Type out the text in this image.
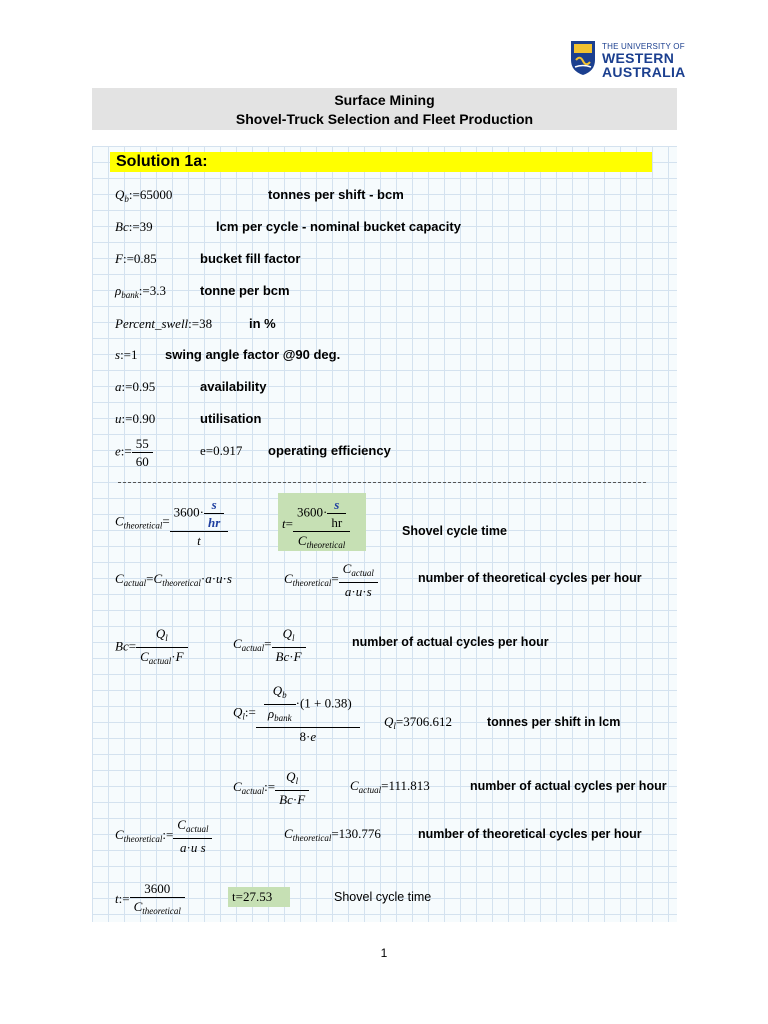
THE UNIVERSITY OF
WESTERN
AUSTRALIA
Surface Mining
Shovel-Truck Selection and Fleet Production
Solution 1a:
$Q_b:=65000$	tonnes per shift - bcm
Bc:=39	lcm per cycle - nominal bucket capacity
F:=0.85	bucket fill factor
$\rho_{bank}:=3.3$	tonne per bcm
Percent_swell:=38	in %
s:=1 swing angle factor @90 deg.
a:=0.95	availability
u:=0.90	utilisation
e:= $\frac{55}{60}$	e=0.917 operating efficiency
$C_{theoretical}= \frac{3600\cdot \frac{s}{hr}}{t}$	$t= \frac{3600\cdot \frac{s}{hr}}{C_{theoretical}}$	Shovel cycle time
$C_{actual}=C_{theoretical}\cdot a\cdot u\cdot s$	$C_{theoretical}= \frac{C_{actual}}{a\cdot u\cdot s}$	number of theoretical cycles per hour
$Bc= \frac{Q_l}{C_{actual}\cdot F}$	$C_{actual}= \frac{Q_l}{Bc\cdot F}$	number of actual cycles per hour
$Q_l:= \frac{\frac{Q_b}{\rho_{bank}} \cdot(1 + 0.38)}{8\cdot e} Q_l=3706.612$	tonnes per shift in lcm
$C_{actual}:= \frac{Q_l}{Bc\cdot F}$	$C_{actual}=111.813$	number of actual cycles per hour
$C_{theoretical}:= \frac{C_{actual}}{\text{a·u s}}$	$C_{theoretical}=130.776$	number of theoretical cycles per hour
t:= $\frac{3600}{C_{theoretical}}$	t=27.53	Shovel cycle time
1
